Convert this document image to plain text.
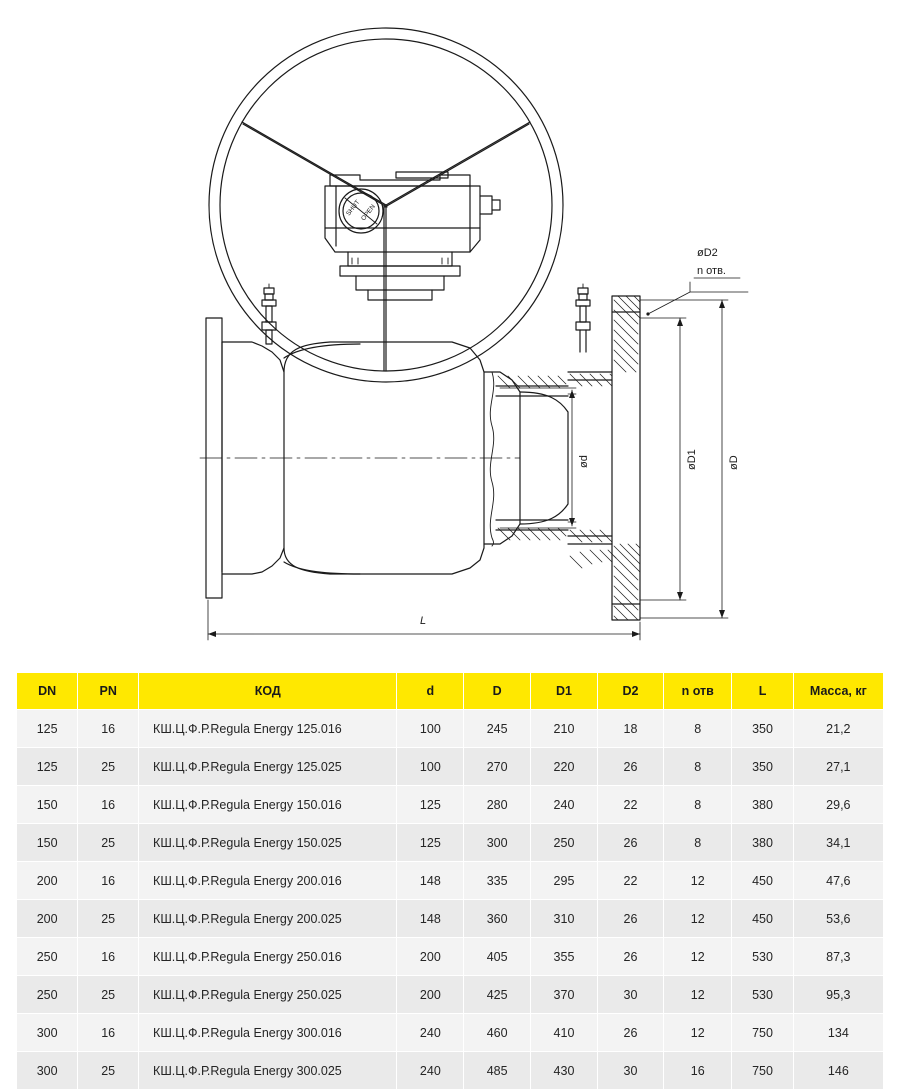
SHUT
OPEN
øD2
n отв.
ød	øD1	øD
L
DN	PN	КОД	d	D	D1	D2	n отв	L	Масса, кг
125	16	КШ.Ц.Ф.Р.Regula Energy 125.016	100	245	210	18	8	350	21,2
125	25	КШ.Ц.Ф.Р.Regula Energy 125.025	100	270	220	26	8	350	27,1
150	16	КШ.Ц.Ф.Р.Regula Energy 150.016	125	280	240	22	8	380	29,6
150	25	КШ.Ц.Ф.Р.Regula Energy 150.025	125	300	250	26	8	380	34,1
200	16	КШ.Ц.Ф.Р.Regula Energy 200.016	148	335	295	22	12	450	47,6
200	25	КШ.Ц.Ф.Р.Regula Energy 200.025	148	360	310	26	12	450	53,6
250	16	КШ.Ц.Ф.Р.Regula Energy 250.016	200	405	355	26	12	530	87,3
250	25	КШ.Ц.Ф.Р.Regula Energy 250.025	200	425	370	30	12	530	95,3
300	16	КШ.Ц.Ф.Р.Regula Energy 300.016	240	460	410	26	12	750	134
300	25	КШ.Ц.Ф.Р.Regula Energy 300.025	240	485	430	30	16	750	146
